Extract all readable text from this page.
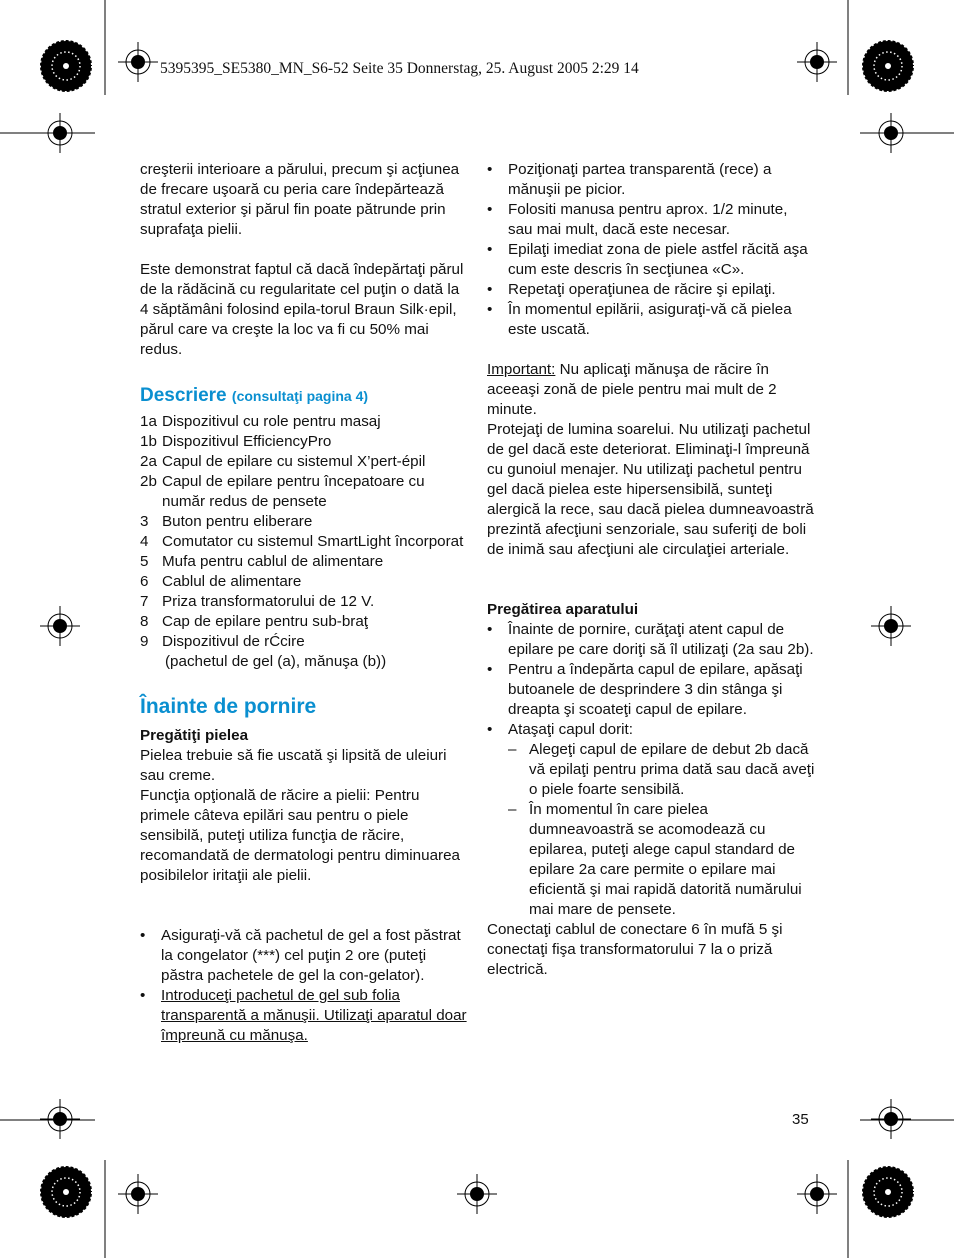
5395395_SE5380_MN_S6-52 Seite 35 Donnerstag, 25. August 2005 2:29 14

creşterii interioare a părului, precum şi acţiunea de frecare uşoară cu peria care îndepărtează stratul exterior şi părul fin poate pătrunde prin suprafaţa pielii.

Este demonstrat faptul că dacă îndepărtaţi părul de la rădăcină cu regularitate cel puţin o dată la 4 săptămâni folosind epila-torul Braun Silk·epil, părul care va creşte la loc va fi cu 50% mai redus.

Descriere (consultaţi pagina 4)
1a Dispozitivul cu role pentru masaj
1b Dispozitivul EfficiencyPro
2a Capul de epilare cu sistemul X’pert-épil
2b Capul de epilare pentru începatoare cu număr redus de pensete
3 Buton pentru eliberare
4 Comutator cu sistemul SmartLight încorporat
5 Mufa pentru cablul de alimentare
6 Cablul de alimentare
7 Priza transformatorului de 12 V.
8 Cap de epilare pentru sub-braţ
9 Dispozitivul de rĆcire
(pachetul de gel (a), mănuşa (b))
Înainte de pornire
Pregătiţi pielea

Pielea trebuie să fie uscată şi lipsită de uleiuri sau creme.

Funcţia opţională de răcire a pielii: Pentru primele câteva epilări sau pentru o piele sensibilă, puteţi utiliza funcţia de răcire, recomandată de dermatologi pentru diminuarea posibilelor iritaţii ale pielii.

• Asiguraţi-vă că pachetul de gel a fost păstrat la congelator (***) cel puţin 2 ore (puteţi păstra pachetele de gel la con-gelator).
• Introduceţi pachetul de gel sub folia transparentă a mănuşii. Utilizaţi aparatul doar împreună cu mănuşa.
• Poziţionaţi partea transparentă (rece) a mănuşii pe picior.
• Folositi manusa pentru aprox. 1/2 minute, sau mai mult, dacă este necesar.
• Epilaţi imediat zona de piele astfel răcită aşa cum este descris în secţiunea «C».
• Repetaţi operaţiunea de răcire şi epilaţi.
• În momentul epilării, asiguraţi-vă că pielea este uscată.

Important: Nu aplicaţi mănuşa de răcire în aceeaşi zonă de piele pentru mai mult de 2 minute.

Protejaţi de lumina soarelui. Nu utilizaţi pachetul de gel dacă este deteriorat. Eliminaţi-l împreună cu gunoiul menajer. Nu utilizaţi pachetul pentru gel dacă pielea este hipersensibilă, sunteţi alergică la rece, sau dacă pielea dumneavoastră prezintă afecţiuni senzoriale, sau suferiţi de boli de inimă sau afecţiuni ale circulaţiei arteriale.

Pregătirea aparatului
• Înainte de pornire, curăţaţi atent capul de epilare pe care doriţi să îl utilizaţi (2a sau 2b).
• Pentru a îndepărta capul de epilare, apăsaţi butoanele de desprindere 3 din stânga şi dreapta şi scoateţi capul de epilare.
• Ataşaţi capul dorit:
– Alegeţi capul de epilare de debut 2b dacă vă epilaţi pentru prima dată sau dacă aveţi o piele foarte sensibilă.
– În momentul în care pielea dumneavoastră se acomodează cu epilarea, puteţi alege capul standard de epilare 2a care permite o epilare mai eficientă şi mai rapidă datorită numărului mai mare de pensete.

Conectaţi cablul de conectare 6 în mufă 5 şi conectaţi fişa transformatorului 7 la o priză electrică.

35
